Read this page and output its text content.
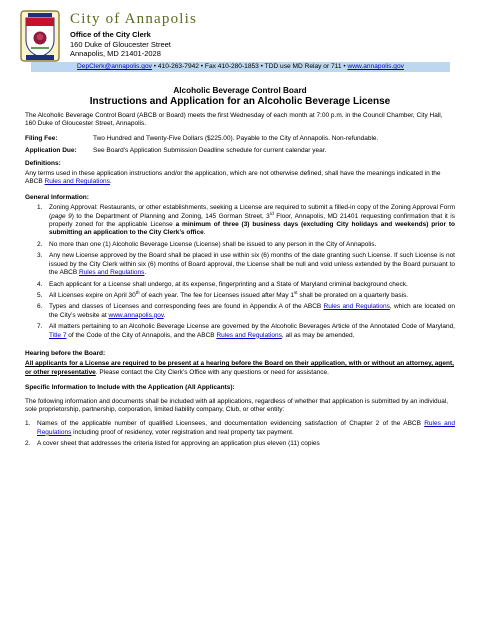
City of Annapolis
Office of the City Clerk
160 Duke of Gloucester Street
Annapolis, MD 21401-2028
DepClerk@annapolis.gov • 410-263-7942 • Fax 410-280-1853 • TDD use MD Relay or 711 • www.annapolis.gov
Alcoholic Beverage Control Board
Instructions and Application for an Alcoholic Beverage License

The Alcoholic Beverage Control Board (ABCB or Board) meets the first Wednesday of each month at 7:00 p.m. in the Council Chamber, City Hall, 160 Duke of Gloucester Street, Annapolis.

Filing Fee:	Two Hundred and Twenty-Five Dollars ($225.00). Payable to the City of Annapolis. Non-refundable.
Application Due:	See Board’s Application Submission Deadline schedule for current calendar year.

Definitions:

Any terms used in these application instructions and/or the application, which are not otherwise defined, shall have the meanings indicated in the ABCB Rules and Regulations.

General Information:

1.	Zoning Approval: Restaurants, or other establishments, seeking a License are required to submit a filled-in copy of the Zoning Approval Form (page 9) to the Department of Planning and Zoning, 145 Gorman Street, 3rd Floor, Annapolis, MD 21401 requesting confirmation that it is properly zoned for the applicable License a minimum of three (3) business days (excluding City holidays and weekends) prior to submitting an application to the City Clerk’s office.
2.	No more than one (1) Alcoholic Beverage License (License) shall be issued to any person in the City of Annapolis.
3.	Any new License approved by the Board shall be placed in use within six (6) months of the date granting such License. If such License is not issued by the City Clerk within six (6) months of Board approval, the License shall be null and void unless extended by the Board pursuant to the ABCB Rules and Regulations.
4.	Each applicant for a License shall undergo, at its expense, fingerprinting and a State of Maryland criminal background check.
5.	All Licenses expire on April 30th of each year. The fee for Licenses issued after May 1st shall be prorated on a quarterly basis.
6.	Types and classes of Licenses and corresponding fees are found in Appendix A of the ABCB Rules and Regulations, which are located on the City’s website at www.annapolis.gov.
7.	All matters pertaining to an Alcoholic Beverage License are governed by the Alcoholic Beverages Article of the Annotated Code of Maryland, Title 7 of the Code of the City of Annapolis, and the ABCB Rules and Regulations, all as may be amended.

Hearing before the Board:

All applicants for a License are required to be present at a hearing before the Board on their application, with or without an attorney, agent, or other representative. Please contact the City Clerk’s Office with any questions or need for assistance.

Specific Information to Include with the Application (All Applicants):

The following information and documents shall be included with all applications, regardless of whether that application is submitted by an individual, sole proprietorship, partnership, corporation, limited liability company, Club, or other entity:

1.	Names of the applicable number of qualified Licensees, and documentation evidencing satisfaction of Chapter 2 of the ABCB Rules and Regulations including proof of residency, voter registration and real property tax payment.
2.	A cover sheet that addresses the criteria listed for approving an application plus eleven (11) copies
